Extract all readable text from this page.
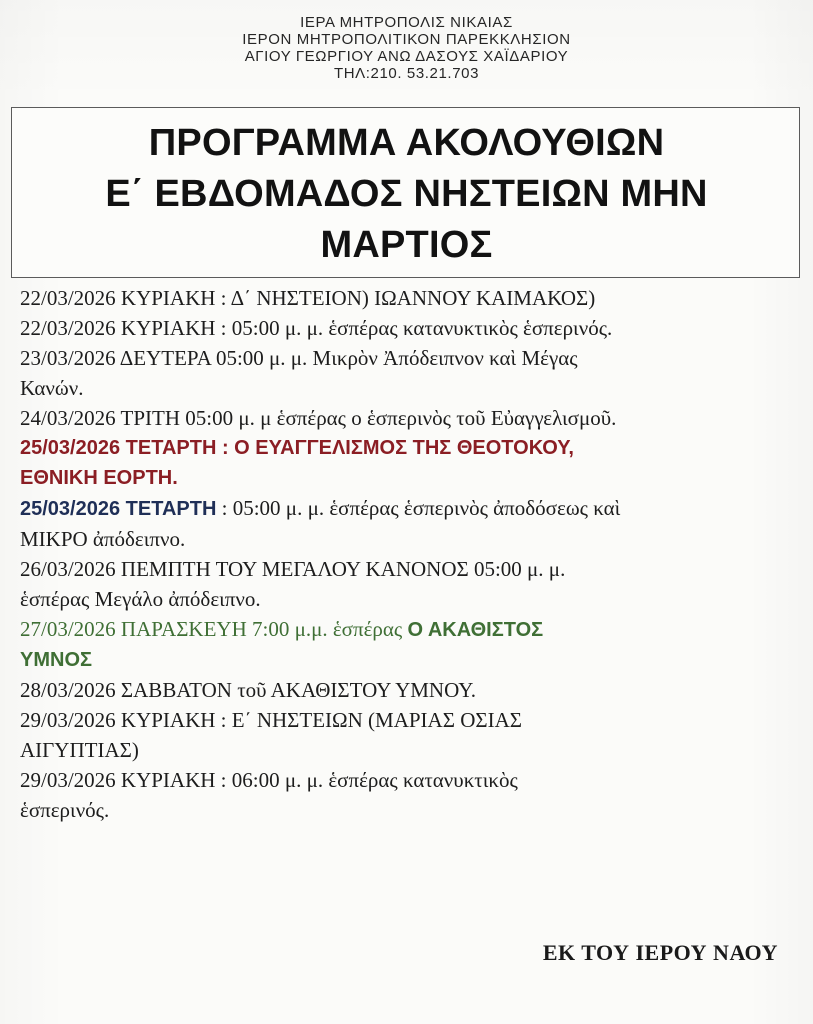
ΙΕΡΑ ΜΗΤΡΟΠΟΛΙΣ ΝΙΚΑΙΑΣ
ΙΕΡΟΝ ΜΗΤΡΟΠΟΛΙΤΙΚΟΝ ΠΑΡΕΚΚΛΗΣΙΟΝ
ΑΓΙΟΥ ΓΕΩΡΓΙΟΥ ΑΝΩ ΔΑΣΟΥΣ ΧΑΪΔΑΡΙΟΥ
ΤΗΛ:210. 53.21.703
ΠΡΟΓΡΑΜΜΑ ΑΚΟΛΟΥΘΙΩΝ
Ε΄ ΕΒΔΟΜΑΔΟΣ ΝΗΣΤΕΙΩΝ ΜΗΝ
ΜΑΡΤΙΟΣ
22/03/2026 ΚΥΡΙΑΚΗ : Δ΄ ΝΗΣΤΕΙΟΝ) ΙΩΑΝΝΟΥ ΚΑΙΜΑΚΟΣ)
22/03/2026 ΚΥΡΙΑΚΗ : 05:00 μ. μ. ἑσπέρας κατανυκτικὸς ἑσπερινός.
23/03/2026 ΔΕΥΤΕΡΑ 05:00 μ. μ. Μικρὸν Ἀπόδειπνον καὶ Μέγας
Κανών.
24/03/2026 ΤΡΙΤΗ 05:00 μ. μ ἑσπέρας ο ἑσπερινὸς τοῦ Εὐαγγελισμοῦ.
25/03/2026 ΤΕΤΑΡΤΗ : Ο ΕΥΑΓΓΕΛΙΣΜΟΣ ΤΗΣ ΘΕΟΤΟΚΟΥ,
ΕΘΝΙΚΗ ΕΟΡΤΗ.
25/03/2026 ΤΕΤΑΡΤΗ : 05:00 μ. μ. ἑσπέρας ἑσπερινὸς ἀποδόσεως καὶ
ΜΙΚΡΟ ἀπόδειπνο.
26/03/2026 ΠΕΜΠΤΗ ΤΟΥ ΜΕΓΑΛΟΥ ΚΑΝΟΝΟΣ 05:00 μ. μ.
ἑσπέρας Μεγάλο ἀπόδειπνο.
27/03/2026 ΠΑΡΑΣΚΕΥΗ 7:00 μ.μ. ἑσπέρας Ο ΑΚΑΘΙΣΤΟΣ
ΥΜΝΟΣ
28/03/2026 ΣΑΒΒΑΤΟΝ τοῦ ΑΚΑΘΙΣΤΟΥ ΥΜΝΟΥ.
29/03/2026 ΚΥΡΙΑΚΗ : Ε΄ ΝΗΣΤΕΙΩΝ (ΜΑΡΙΑΣ ΟΣΙΑΣ
ΑΙΓΥΠΤΙΑΣ)
29/03/2026 ΚΥΡΙΑΚΗ : 06:00 μ. μ. ἑσπέρας κατανυκτικὸς
ἑσπερινός.
ΕΚ ΤΟΥ ΙΕΡΟΥ ΝΑΟΥ
